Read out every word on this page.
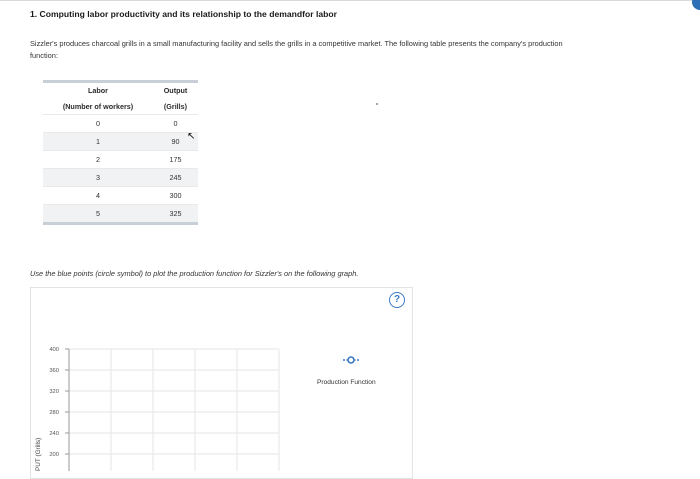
1. Computing labor productivity and its relationship to the demandfor labor
Sizzler's produces charcoal grills in a small manufacturing facility and sells the grills in a competitive market. The following table presents the company's production function:

Labor	Output
(Number of workers)	(Grills)
0	0
1	90
2	175
3	245
4	300
5	325

↖
Use the blue points (circle symbol) to plot the production function for Sizzler's on the following graph.
?
400
360
320
280
240
200
PUT (Grills)
Production Function
